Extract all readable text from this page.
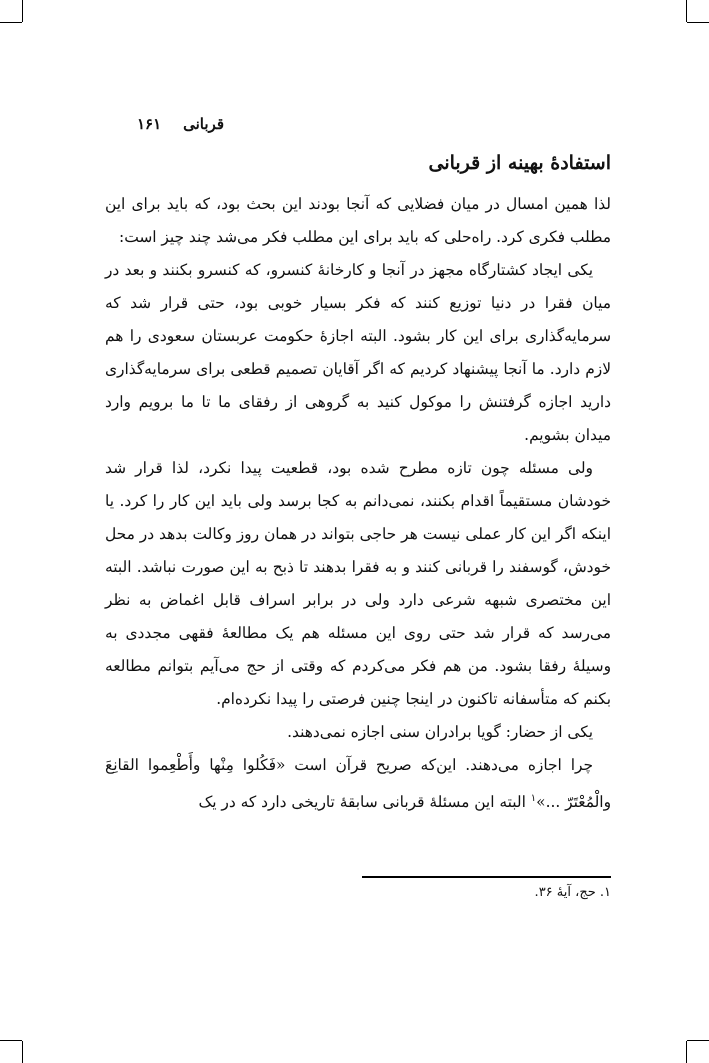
قربانی
۱۶۱
استفادهٔ بهینه از قربانی

لذا همین امسال در میان فضلایی که آنجا بودند این بحث بود، که باید برای این مطلب فکری کرد. راه‌حلی که باید برای این مطلب فکر می‌شد چند چیز است:

یکی ایجاد کشتارگاه مجهز در آنجا و کارخانهٔ کنسرو، که کنسرو بکنند و بعد در میان فقرا در دنیا توزیع کنند که فکر بسیار خوبی بود، حتی قرار شد که سرمایه‌گذاری برای این کار بشود. البته اجازهٔ حکومت عربستان سعودی را هم لازم دارد. ما آنجا پیشنهاد کردیم که اگر آقایان تصمیم قطعی برای سرمایه‌گذاری دارید اجازه گرفتنش را موکول کنید به گروهی از رفقای ما تا ما برویم وارد میدان بشویم.

ولی مسئله چون تازه مطرح شده بود، قطعیت پیدا نکرد، لذا قرار شد خودشان مستقیماً اقدام بکنند، نمی‌دانم به کجا برسد ولی باید این کار را کرد. یا اینکه اگر این کار عملی نیست هر حاجی بتواند در همان روز وکالت بدهد در محل خودش، گوسفند را قربانی کنند و به فقرا بدهند تا ذبح به این صورت نباشد. البته این مختصری شبهه شرعی دارد ولی در برابر اسراف قابل اغماض به نظر می‌رسد که قرار شد حتی روی این مسئله هم یک مطالعهٔ فقهی مجددی به وسیلهٔ رفقا بشود. من هم فکر می‌کردم که وقتی از حج می‌آیم بتوانم مطالعه بکنم که متأسفانه تاکنون در اینجا چنین فرصتی را پیدا نکرده‌ام.

یکی از حضار: گویا برادران سنی اجازه نمی‌دهند.

چرا اجازه می‌دهند. این‌که صریح قرآن است «فَکُلوا مِنْها وأَطْعِموا القانِعَ والْمُعْتَرّ ...»$^۱$ البته این مسئلهٔ قربانی سابقهٔ تاریخی دارد که در یک

۱. حج، آیهٔ ۳۶.
